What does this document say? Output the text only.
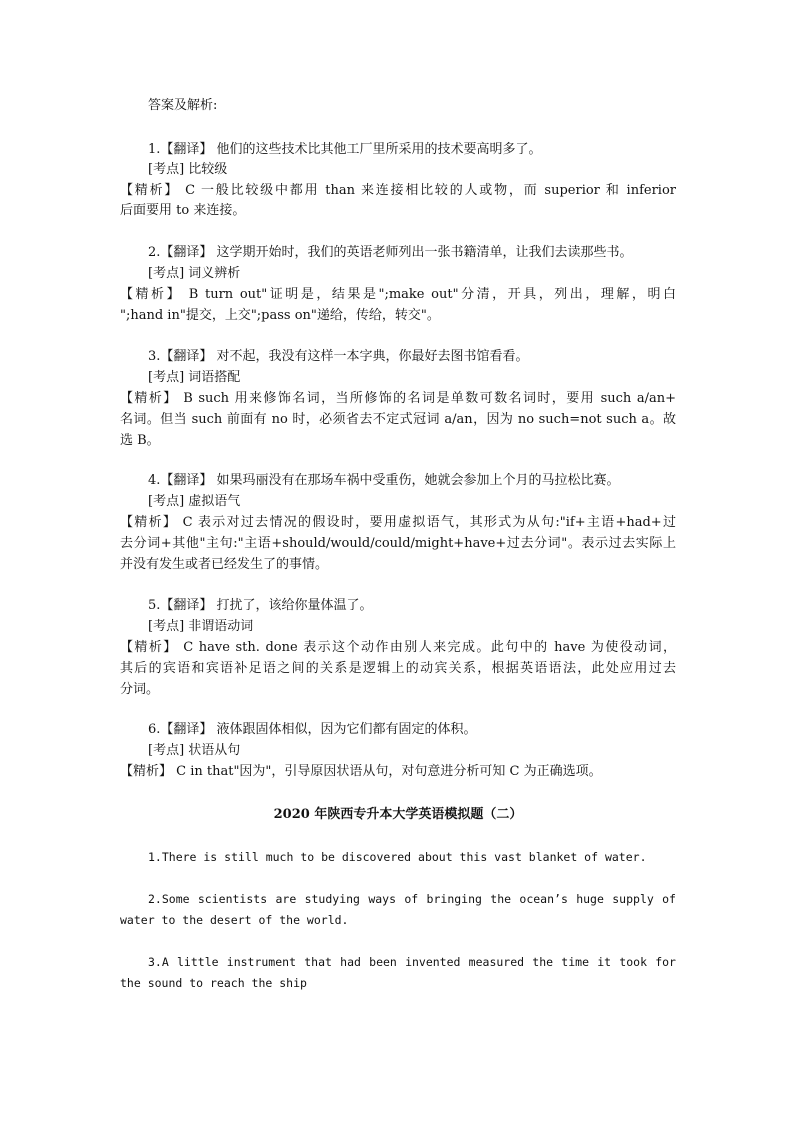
答案及解析:
1.【翻译】 他们的这些技术比其他工厂里所采用的技术要高明多了。
[考点] 比较级
【精析】 C 一般比较级中都用 than 来连接相比较的人或物，而 superior 和 inferior
后面要用 to 来连接。
2.【翻译】 这学期开始时，我们的英语老师列出一张书籍清单，让我们去读那些书。
[考点] 词义辨析
【精析】 B turn out"证明是，结果是";make out"分清，开具，列出，理解，明白
";hand in"提交，上交";pass on"递给，传给，转交"。
3.【翻译】 对不起，我没有这样一本字典，你最好去图书馆看看。
[考点] 词语搭配
【精析】 B such 用来修饰名词，当所修饰的名词是单数可数名词时，要用 such a/an+
名词。但当 such 前面有 no 时，必须省去不定式冠词 a/an，因为 no such=not such a。故
选 B。
4.【翻译】 如果玛丽没有在那场车祸中受重伤，她就会参加上个月的马拉松比赛。
[考点] 虚拟语气
【精析】 C 表示对过去情况的假设时，要用虚拟语气，其形式为从句:"if+主语+had+过
去分词+其他"主句:"主语+should/would/could/might+have+过去分词"。表示过去实际上
并没有发生或者已经发生了的事情。
5.【翻译】 打扰了，该给你量体温了。
[考点] 非谓语动词
【精析】 C have sth. done 表示这个动作由别人来完成。此句中的 have 为使役动词，
其后的宾语和宾语补足语之间的关系是逻辑上的动宾关系，根据英语语法，此处应用过去
分词。
6.【翻译】 液体跟固体相似，因为它们都有固定的体积。
[考点] 状语从句
【精析】 C in that"因为"，引导原因状语从句，对句意进分析可知 C 为正确选项。
2020 年陕西专升本大学英语模拟题（二）
1.There is still much to be discovered about this vast blanket of water.
2.Some scientists are studying ways of bringing the ocean’s huge supply of
water to the desert of the world.
3.A little instrument that had been invented measured the time it took for
the sound to reach the ship
